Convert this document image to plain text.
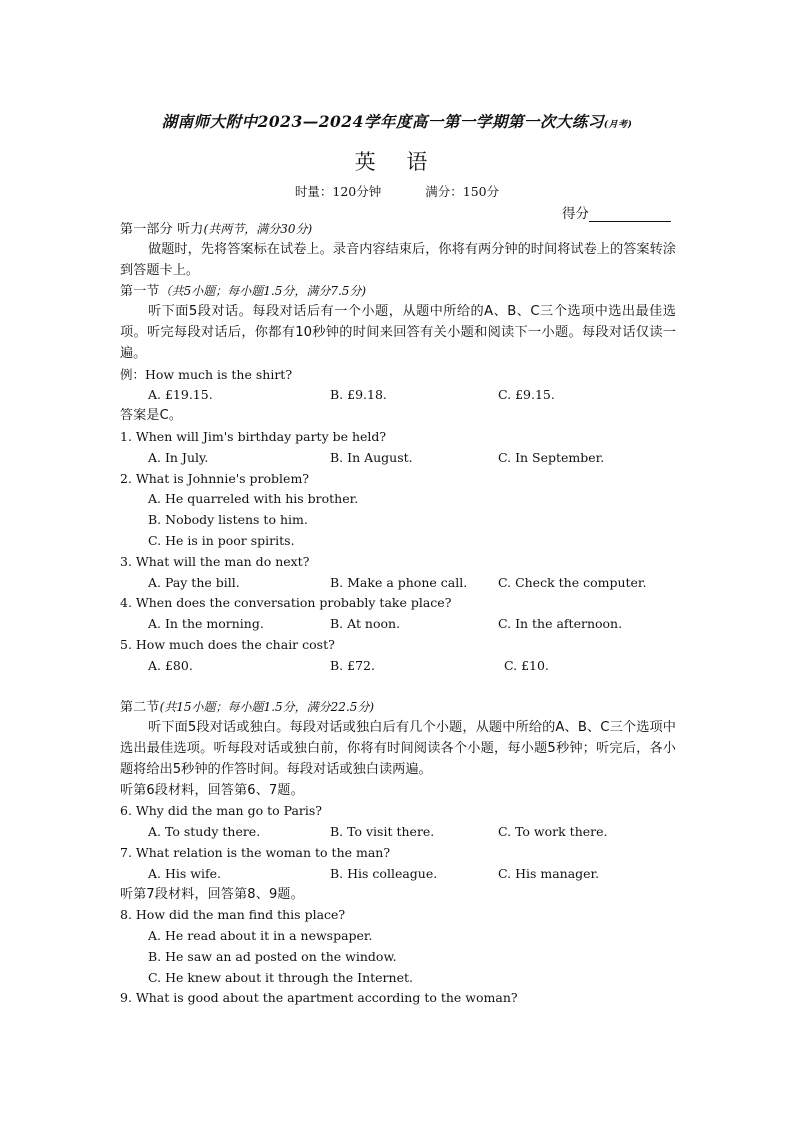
湖南师大附中2023—2024学年度高一第一学期第一次大练习(月考)
英 语
时量：120分钟	满分：150分
得分
第一部分 听力(共两节，满分30分)
做题时，先将答案标在试卷上。录音内容结束后，你将有两分钟的时间将试卷上的答案转涂到答题卡上。
第一节（共5小题；每小题1.5分，满分7.5分)
听下面5段对话。每段对话后有一个小题，从题中所给的A、B、C三个选项中选出最佳选项。听完每段对话后，你都有10秒钟的时间来回答有关小题和阅读下一小题。每段对话仅读一遍。
例：How much is the shirt?
A. £19.15.	B. £9.18.	C. £9.15.
答案是C。
1. When will Jim's birthday party be held?
A. In July.	B. In August.	C. In September.
2. What is Johnnie's problem?
A. He quarreled with his brother.
B. Nobody listens to him.
C. He is in poor spirits.
3. What will the man do next?
A. Pay the bill.	B. Make a phone call. C. Check the computer.
4. When does the conversation probably take place?
A. In the morning.	B. At noon.	C. In the afternoon.
5. How much does the chair cost?
A. £80.	B. £72.	C. £10.
第二节(共15小题；每小题1.5分，满分22.5分)
听下面5段对话或独白。每段对话或独白后有几个小题，从题中所给的A、B、C三个选项中选出最佳选项。听每段对话或独白前，你将有时间阅读各个小题，每小题5秒钟；听完后，各小题将给出5秒钟的作答时间。每段对话或独白读两遍。
听第6段材料，回答第6、7题。
6. Why did the man go to Paris?
A. To study there.	B. To visit there.	C. To work there.
7. What relation is the woman to the man?
A. His wife.	B. His colleague.	C. His manager.
听第7段材料，回答第8、9题。
8. How did the man find this place?
A. He read about it in a newspaper.
B. He saw an ad posted on the window.
C. He knew about it through the Internet.
9. What is good about the apartment according to the woman?
